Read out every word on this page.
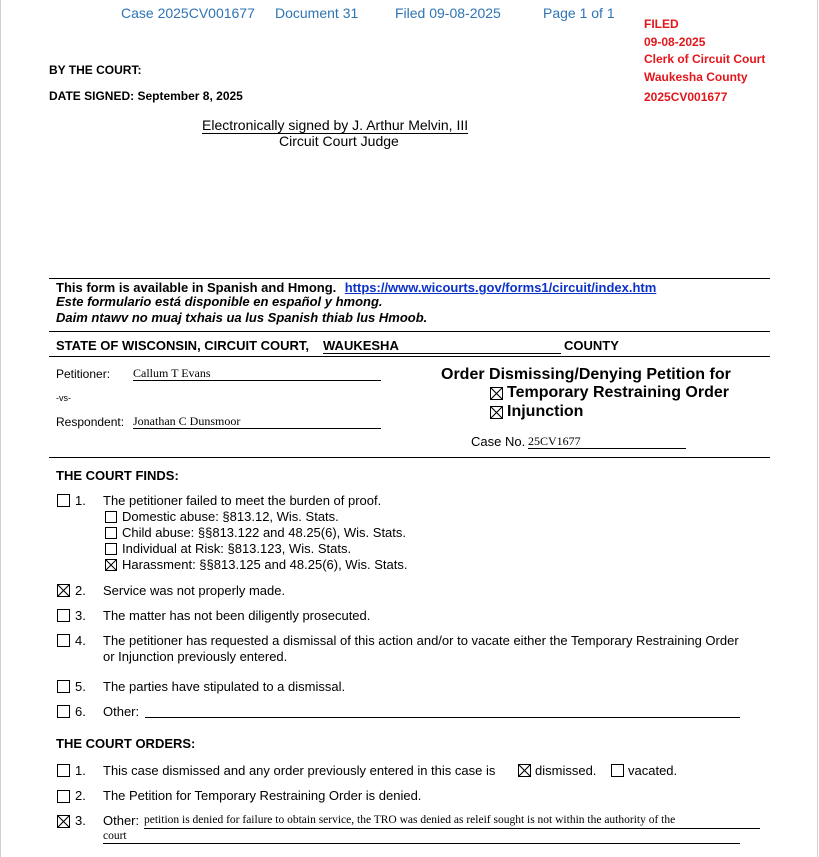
Case 2025CV001677 Document 31	Filed 09-08-2025	Page 1 of 1
FILED
09-08-2025
Clerk of Circuit Court
Waukesha County
2025CV001677
BY THE COURT:
DATE SIGNED: September 8, 2025
Electronically signed by J. Arthur Melvin, III
Circuit Court Judge
This form is available in Spanish and Hmong. https://www.wicourts.gov/forms1/circuit/index.htm
Este formulario está disponible en español y hmong.
Daim ntawv no muaj txhais ua lus Spanish thiab lus Hmoob.
STATE OF WISCONSIN, CIRCUIT COURT, WAUKESHA	COUNTY
Petitioner: Callum T Evans
-vs-
Respondent: Jonathan C Dunsmoor
Order Dismissing/Denying Petition for
Temporary Restraining Order
Injunction
Case No. 25CV1677
THE COURT FINDS:
1. The petitioner failed to meet the burden of proof.
Domestic abuse: §813.12, Wis. Stats.
Child abuse: §§813.122 and 48.25(6), Wis. Stats.
Individual at Risk: §813.123, Wis. Stats.
Harassment: §§813.125 and 48.25(6), Wis. Stats.
2. Service was not properly made.
3. The matter has not been diligently prosecuted.
4. The petitioner has requested a dismissal of this action and/or to vacate either the Temporary Restraining Order
or Injunction previously entered.
5. The parties have stipulated to a dismissal.
6. Other:
THE COURT ORDERS:
1. This case dismissed and any order previously entered in this case is	dismissed. vacated.
2. The Petition for Temporary Restraining Order is denied.
3. Other: petition is denied for failure to obtain service, the TRO was denied as releif sought is not within the authority of the
court
